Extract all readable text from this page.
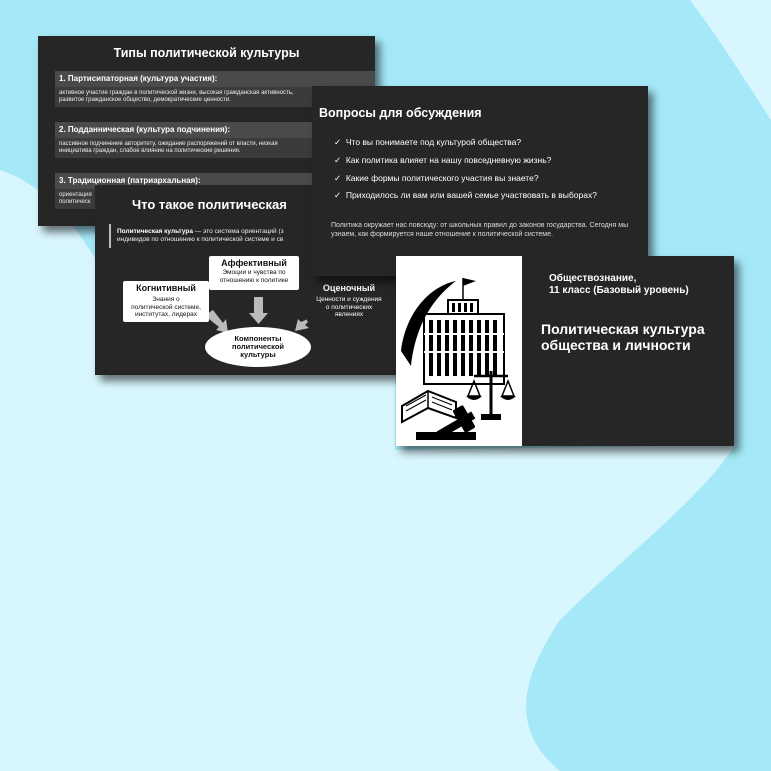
Типы политической культуры
1. Партисипаторная (культура участия):
активное участие граждан в политической жизни, высокая гражданская активность,
развитое гражданское общество, демократические ценности.
2. Подданническая (культура подчинения):
пассивное подчинение авторитету, ожидание распоряжений от власти, низкая
инициатива граждан, слабое влияние на политические решения.
3. Традиционная (патриархальная):
ориентация
политическ	Что такое политическая
Политическая культура — это система ориентаций (з
индивидов по отношению к политической системе и св
Аффективный
Эмоции и чувства по
отношению к политике
Когнитивный
Знания о
политической системе,
институтах, лидерах
Оценочный
Ценности и суждения
о политических
явлениях
Компоненты
политической
культуры
Вопросы для обсуждения
✓ Что вы понимаете под культурой общества?
✓ Как политика влияет на нашу повседневную жизнь?
✓ Какие формы политического участия вы знаете?
✓ Приходилось ли вам или вашей семье участвовать в выборах?
Политика окружает нас повсюду: от школьных правил до законов государства. Сегодня мы узнаем, как формируется наше отношение к политической системе.
Обществознание,
11 класс (Базовый уровень)
Политическая культура
общества и личности
